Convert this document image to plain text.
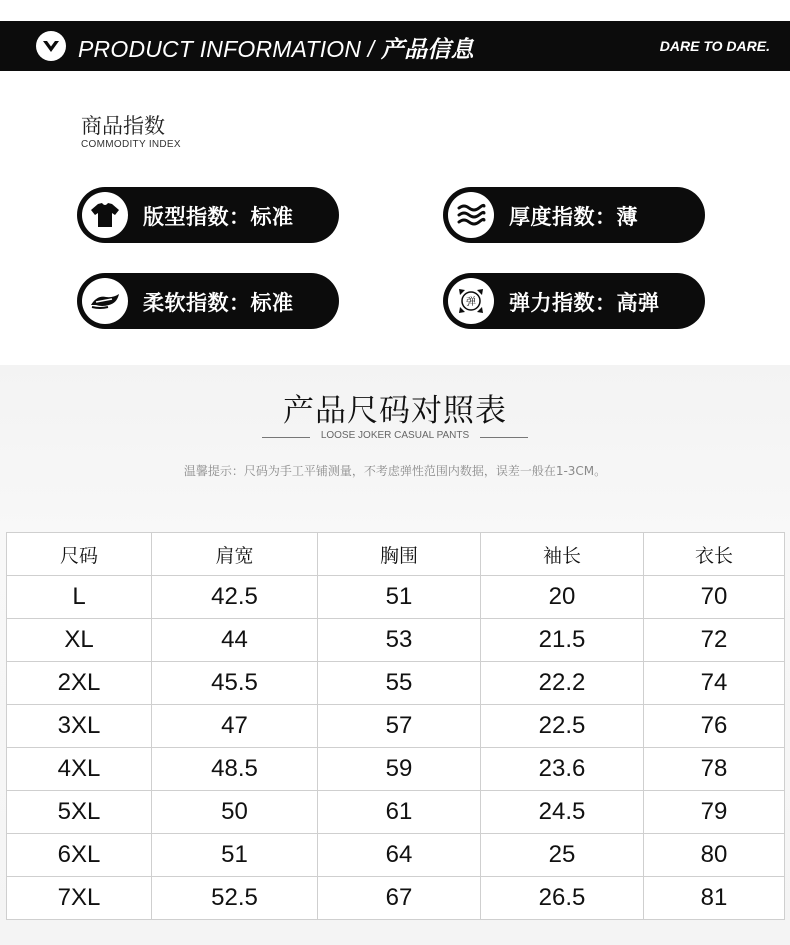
PRODUCT INFORMATION / 产品信息	DARE TO DARE.
商品指数
COMMODITY INDEX
版型指数：标准	厚度指数：薄
柔软指数：标准	弹 弹力指数：高弹
产品尺码对照表
LOOSE JOKER CASUAL PANTS
温馨提示：尺码为手工平铺测量，不考虑弹性范围内数据，误差一般在1-3CM。
尺码	肩宽	胸围	袖长	衣长
L	42.5	51	20	70
XL	44	53	21.5	72
2XL	45.5	55	22.2	74
3XL	47	57	22.5	76
4XL	48.5	59	23.6	78
5XL	50	61	24.5	79
6XL	51	64	25	80
7XL	52.5	67	26.5	81
